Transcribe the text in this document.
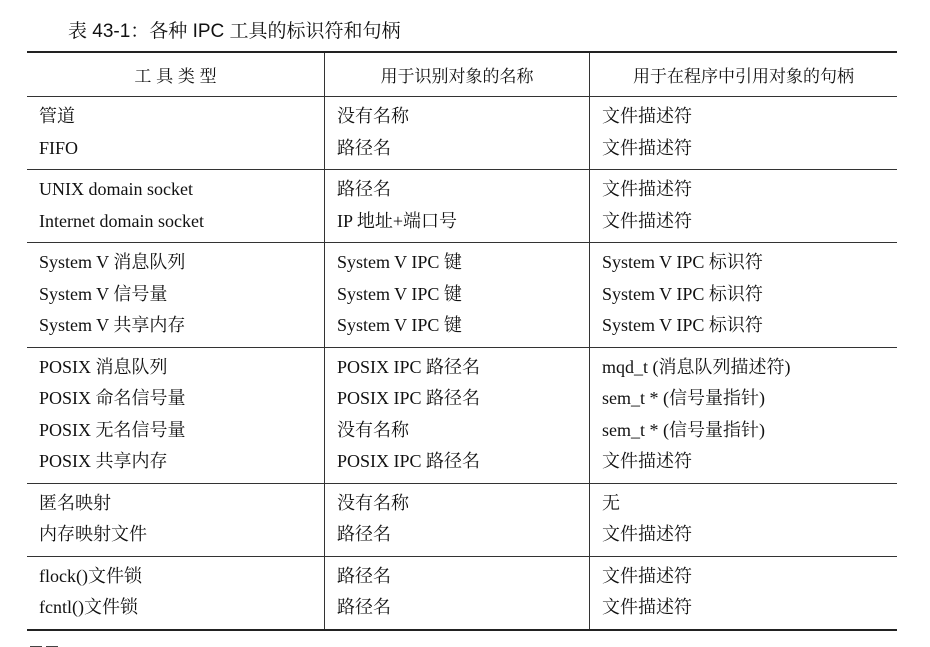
表 43-1：各种 IPC 工具的标识符和句柄
工 具 类 型	用于识别对象的名称	用于在程序中引用对象的句柄
管道
FIFO
没有名称
路径名
文件描述符
文件描述符
UNIX domain socket
Internet domain socket
路径名
IP 地址+端口号
文件描述符
文件描述符
System V 消息队列
System V 信号量
System V 共享内存
System V IPC 键
System V IPC 键
System V IPC 键
System V IPC 标识符
System V IPC 标识符
System V IPC 标识符
POSIX 消息队列
POSIX 命名信号量
POSIX 无名信号量
POSIX 共享内存
POSIX IPC 路径名
POSIX IPC 路径名
没有名称
POSIX IPC 路径名
mqd_t (消息队列描述符)
sem_t * (信号量指针)
sem_t * (信号量指针)
文件描述符
匿名映射
内存映射文件
没有名称
路径名
无
文件描述符
flock()文件锁
fcntl()文件锁
路径名
路径名
文件描述符
文件描述符
